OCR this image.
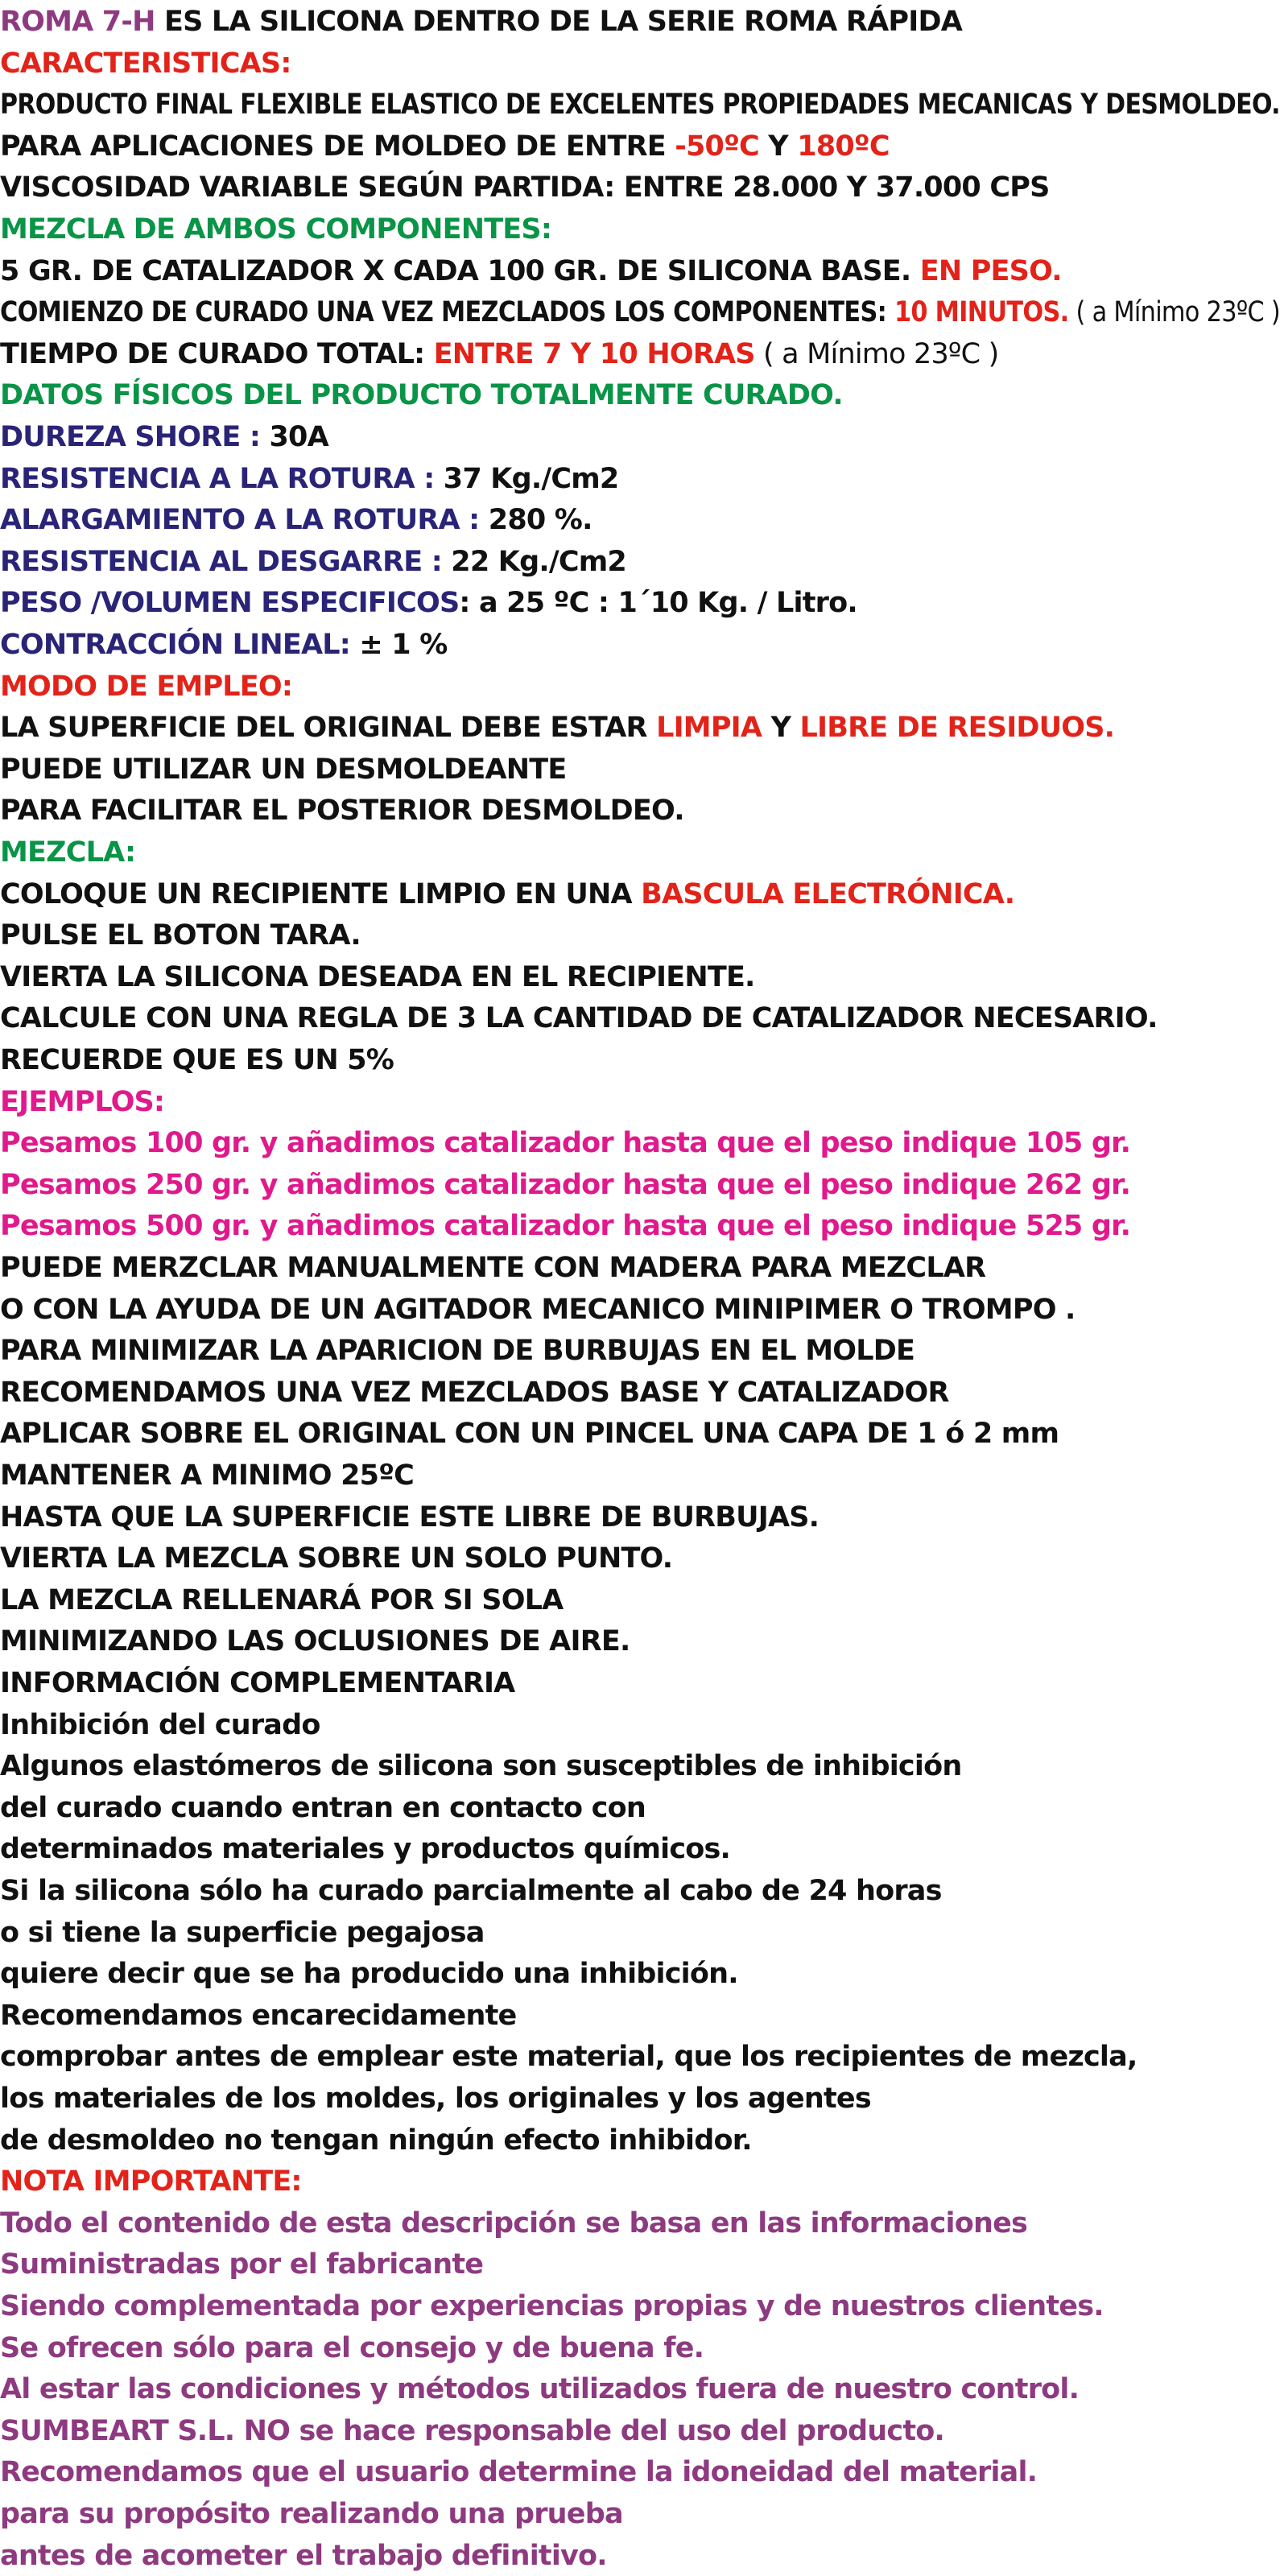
ROMA 7-H ES LA SILICONA DENTRO DE LA SERIE ROMA RÁPIDA
CARACTERISTICAS:
PRODUCTO FINAL FLEXIBLE ELASTICO DE EXCELENTES PROPIEDADES MECANICAS Y DESMOLDEO.
PARA APLICACIONES DE MOLDEO DE ENTRE -50ºC Y 180ºC
VISCOSIDAD VARIABLE SEGÚN PARTIDA: ENTRE 28.000 Y 37.000 CPS
MEZCLA DE AMBOS COMPONENTES:
5 GR. DE CATALIZADOR X CADA 100 GR. DE SILICONA BASE. EN PESO.
COMIENZO DE CURADO UNA VEZ MEZCLADOS LOS COMPONENTES: 10 MINUTOS. ( a Mínimo 23ºC )
TIEMPO DE CURADO TOTAL: ENTRE 7 Y 10 HORAS ( a Mínimo 23ºC )
DATOS FÍSICOS DEL PRODUCTO TOTALMENTE CURADO.
DUREZA SHORE : 30A
RESISTENCIA A LA ROTURA : 37 Kg./Cm2
ALARGAMIENTO A LA ROTURA : 280 %.
RESISTENCIA AL DESGARRE : 22 Kg./Cm2
PESO /VOLUMEN ESPECIFICOS: a 25 ºC : 1´10 Kg. / Litro.
CONTRACCIÓN LINEAL: ± 1 %
MODO DE EMPLEO:
LA SUPERFICIE DEL ORIGINAL DEBE ESTAR LIMPIA Y LIBRE DE RESIDUOS.
PUEDE UTILIZAR UN DESMOLDEANTE
PARA FACILITAR EL POSTERIOR DESMOLDEO.
MEZCLA:
COLOQUE UN RECIPIENTE LIMPIO EN UNA BASCULA ELECTRÓNICA.
PULSE EL BOTON TARA.
VIERTA LA SILICONA DESEADA EN EL RECIPIENTE.
CALCULE CON UNA REGLA DE 3 LA CANTIDAD DE CATALIZADOR NECESARIO.
RECUERDE QUE ES UN 5%
EJEMPLOS:
Pesamos 100 gr. y añadimos catalizador hasta que el peso indique 105 gr.
Pesamos 250 gr. y añadimos catalizador hasta que el peso indique 262 gr.
Pesamos 500 gr. y añadimos catalizador hasta que el peso indique 525 gr.
PUEDE MERZCLAR MANUALMENTE CON MADERA PARA MEZCLAR
O CON LA AYUDA DE UN AGITADOR MECANICO MINIPIMER O TROMPO .
PARA MINIMIZAR LA APARICION DE BURBUJAS EN EL MOLDE
RECOMENDAMOS UNA VEZ MEZCLADOS BASE Y CATALIZADOR
APLICAR SOBRE EL ORIGINAL CON UN PINCEL UNA CAPA DE 1 ó 2 mm
MANTENER A MINIMO 25ºC
HASTA QUE LA SUPERFICIE ESTE LIBRE DE BURBUJAS.
VIERTA LA MEZCLA SOBRE UN SOLO PUNTO.
LA MEZCLA RELLENARÁ POR SI SOLA
MINIMIZANDO LAS OCLUSIONES DE AIRE.
INFORMACIÓN COMPLEMENTARIA
Inhibición del curado
Algunos elastómeros de silicona son susceptibles de inhibición
del curado cuando entran en contacto con
determinados materiales y productos químicos.
Si la silicona sólo ha curado parcialmente al cabo de 24 horas
o si tiene la superficie pegajosa
quiere decir que se ha producido una inhibición.
Recomendamos encarecidamente
comprobar antes de emplear este material, que los recipientes de mezcla,
los materiales de los moldes, los originales y los agentes
de desmoldeo no tengan ningún efecto inhibidor.
NOTA IMPORTANTE:
Todo el contenido de esta descripción se basa en las informaciones
Suministradas por el fabricante
Siendo complementada por experiencias propias y de nuestros clientes.
Se ofrecen sólo para el consejo y de buena fe.
Al estar las condiciones y métodos utilizados fuera de nuestro control.
SUMBEART S.L. NO se hace responsable del uso del producto.
Recomendamos que el usuario determine la idoneidad del material.
para su propósito realizando una prueba
antes de acometer el trabajo definitivo.
